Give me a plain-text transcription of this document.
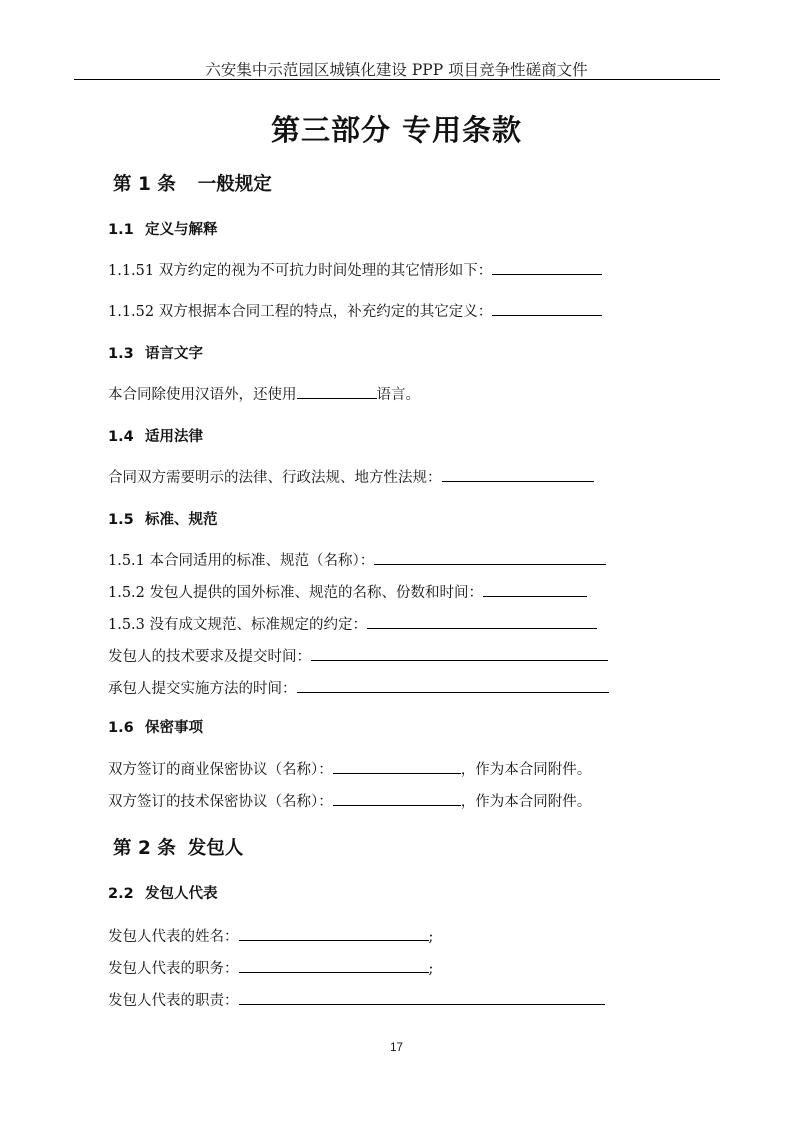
六安集中示范园区城镇化建设 PPP 项目竞争性磋商文件
第三部分 专用条款
第 1 条 一般规定
1.1 定义与解释
1.1.51 双方约定的视为不可抗力时间处理的其它情形如下：
1.1.52 双方根据本合同工程的特点，补充约定的其它定义：
1.3 语言文字
本合同除使用汉语外，还使用	语言。
1.4 适用法律
合同双方需要明示的法律、行政法规、地方性法规：
1.5 标准、规范
1.5.1 本合同适用的标准、规范（名称）：
1.5.2 发包人提供的国外标准、规范的名称、份数和时间：
1.5.3 没有成文规范、标准规定的约定：
发包人的技术要求及提交时间：
承包人提交实施方法的时间：
1.6 保密事项
双方签订的商业保密协议（名称）：	，作为本合同附件。
双方签订的技术保密协议（名称）：	，作为本合同附件。
第 2 条 发包人
2.2 发包人代表
发包人代表的姓名：	;
发包人代表的职务：	;
发包人代表的职责：
17
